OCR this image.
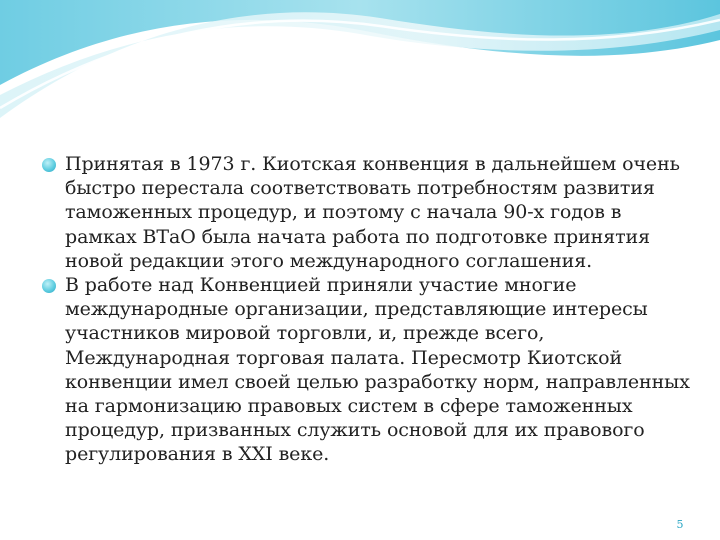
Принятая в 1973 г. Киотская конвенция в дальнейшем очень быстро перестала соответствовать потребностям развития таможенных процедур, и поэтому с начала 90-х годов в рамках ВТаО была начата работа по подготовке принятия новой редакции этого международного соглашения.
В работе над Конвенцией приняли участие многие международные организации, представляющие интересы участников мировой торговли, и, прежде всего, Международная торговая палата. Пересмотр Киотской конвенции имел своей целью разработку норм, направленных на гармонизацию правовых систем в сфере таможенных процедур, призванных служить основой для их правового регулирования в XXI веке.
5
